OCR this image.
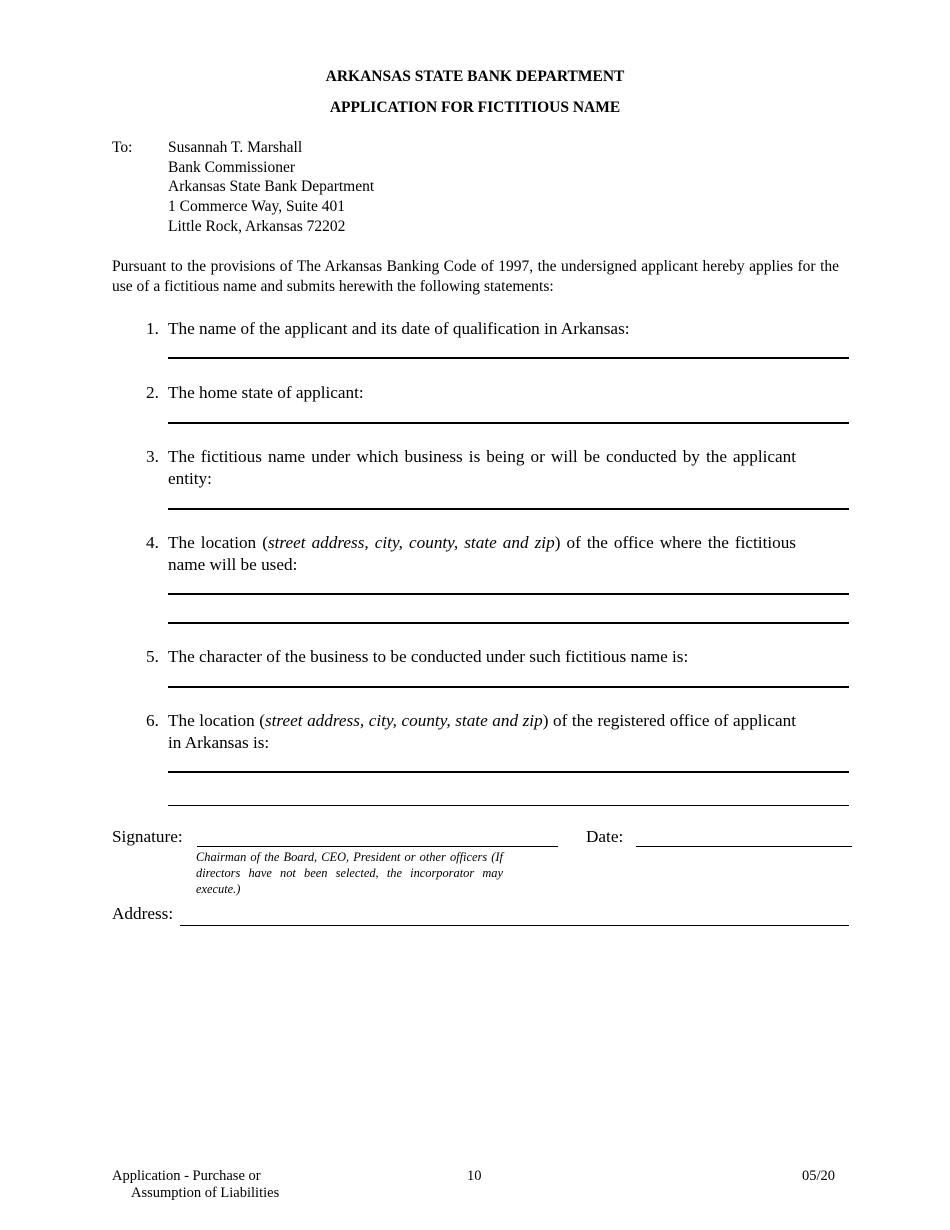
ARKANSAS STATE BANK DEPARTMENT
APPLICATION FOR FICTITIOUS NAME
To: Susannah T. Marshall
Bank Commissioner
Arkansas State Bank Department
1 Commerce Way, Suite 401
Little Rock, Arkansas 72202
Pursuant to the provisions of The Arkansas Banking Code of 1997, the undersigned applicant hereby applies for the use of a fictitious name and submits herewith the following statements:
1. The name of the applicant and its date of qualification in Arkansas:
2. The home state of applicant:
3. The fictitious name under which business is being or will be conducted by the applicant entity:
4. The location (street address, city, county, state and zip) of the office where the fictitious name will be used:
5. The character of the business to be conducted under such fictitious name is:
6. The location (street address, city, county, state and zip) of the registered office of applicant in Arkansas is:
Signature:	Date:
Chairman of the Board, CEO, President or other officers (If directors have not been selected, the incorporator may execute.)
Address:
Application - Purchase or
Assumption of Liabilities
10	05/20
